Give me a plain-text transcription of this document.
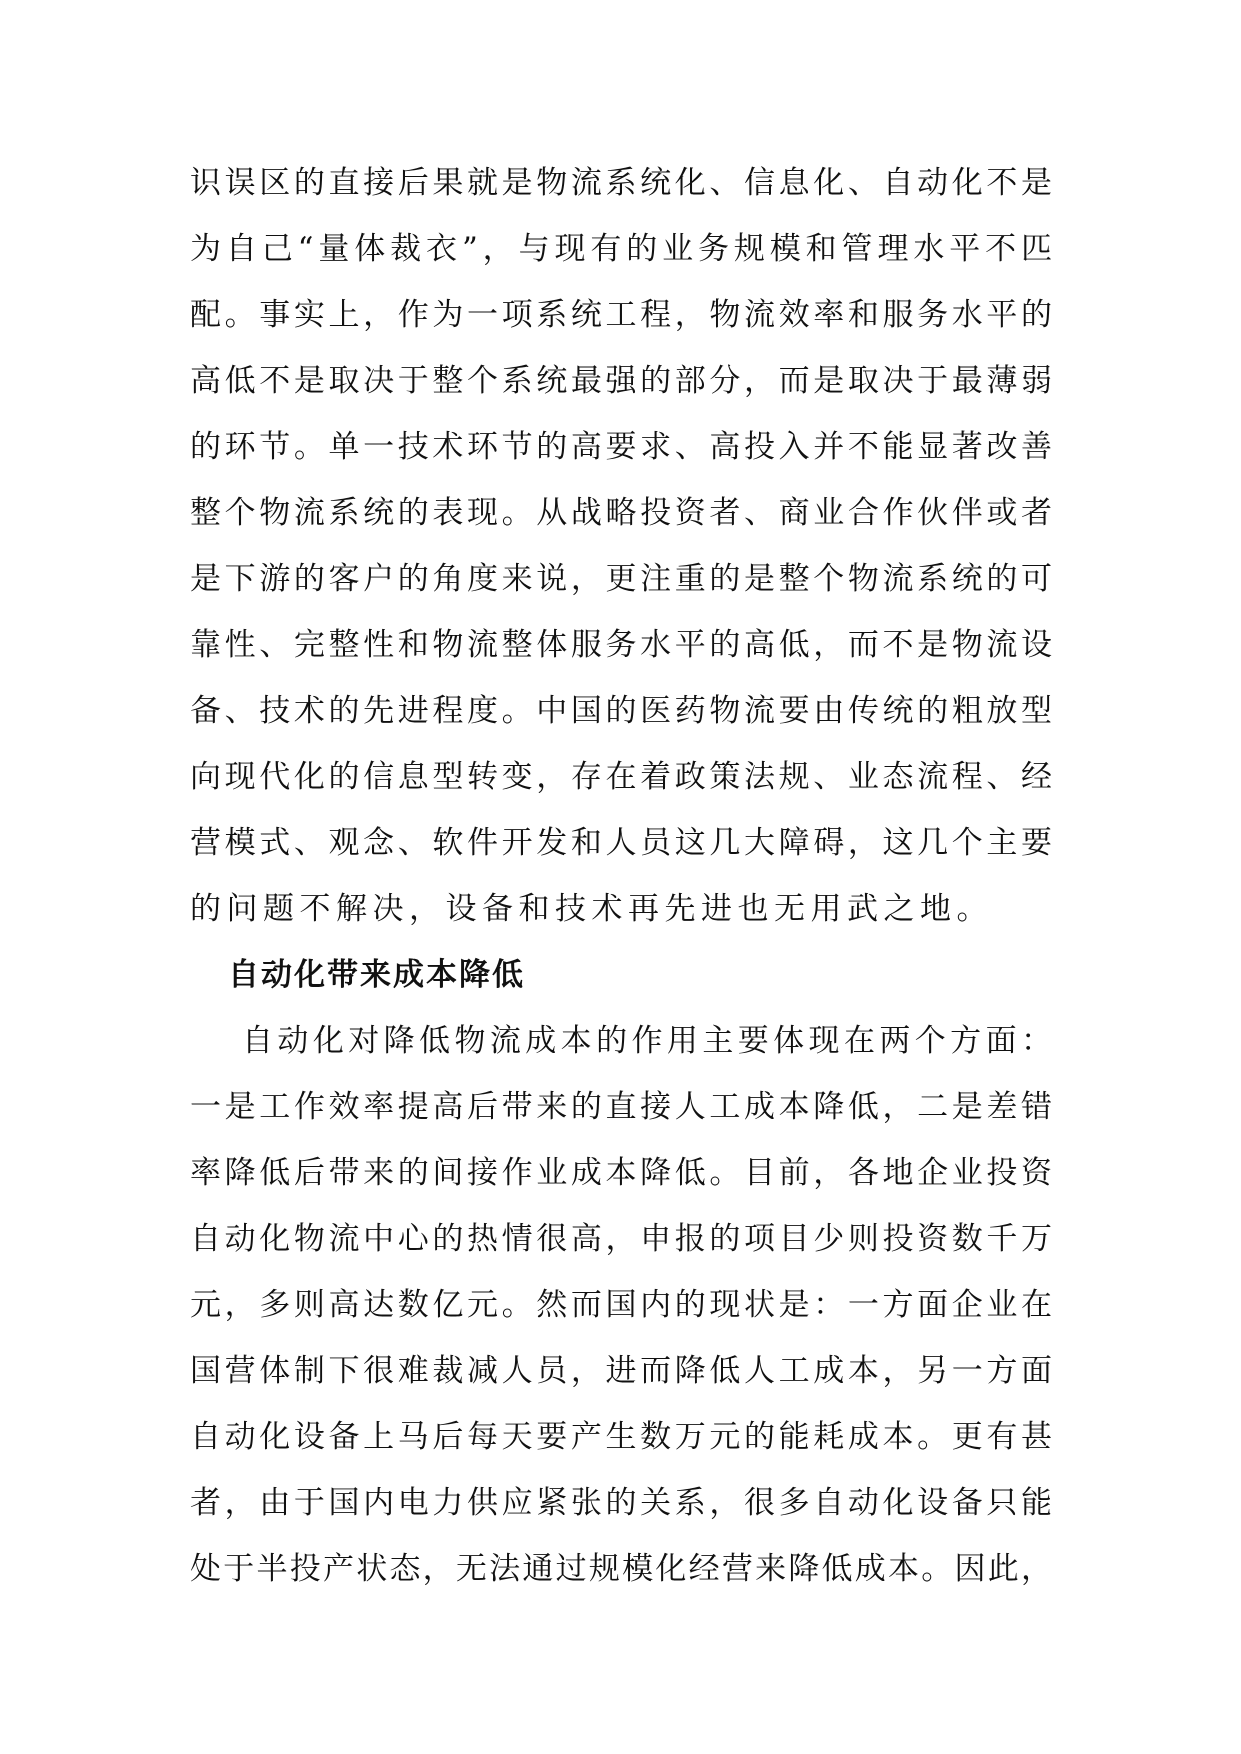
识误区的直接后果就是物流系统化、信息化、自动化不是
为自己“量体裁衣”，与现有的业务规模和管理水平不匹
配。事实上，作为一项系统工程，物流效率和服务水平的
高低不是取决于整个系统最强的部分，而是取决于最薄弱
的环节。单一技术环节的高要求、高投入并不能显著改善
整个物流系统的表现。从战略投资者、商业合作伙伴或者
是下游的客户的角度来说，更注重的是整个物流系统的可
靠性、完整性和物流整体服务水平的高低，而不是物流设
备、技术的先进程度。中国的医药物流要由传统的粗放型
向现代化的信息型转变，存在着政策法规、业态流程、经
营模式、观念、软件开发和人员这几大障碍，这几个主要
的问题不解决，设备和技术再先进也无用武之地。
自动化带来成本降低
自动化对降低物流成本的作用主要体现在两个方面：
一是工作效率提高后带来的直接人工成本降低，二是差错
率降低后带来的间接作业成本降低。目前，各地企业投资
自动化物流中心的热情很高，申报的项目少则投资数千万
元，多则高达数亿元。然而国内的现状是：一方面企业在
国营体制下很难裁减人员，进而降低人工成本，另一方面
自动化设备上马后每天要产生数万元的能耗成本。更有甚
者，由于国内电力供应紧张的关系，很多自动化设备只能
处于半投产状态，无法通过规模化经营来降低成本。因此，
